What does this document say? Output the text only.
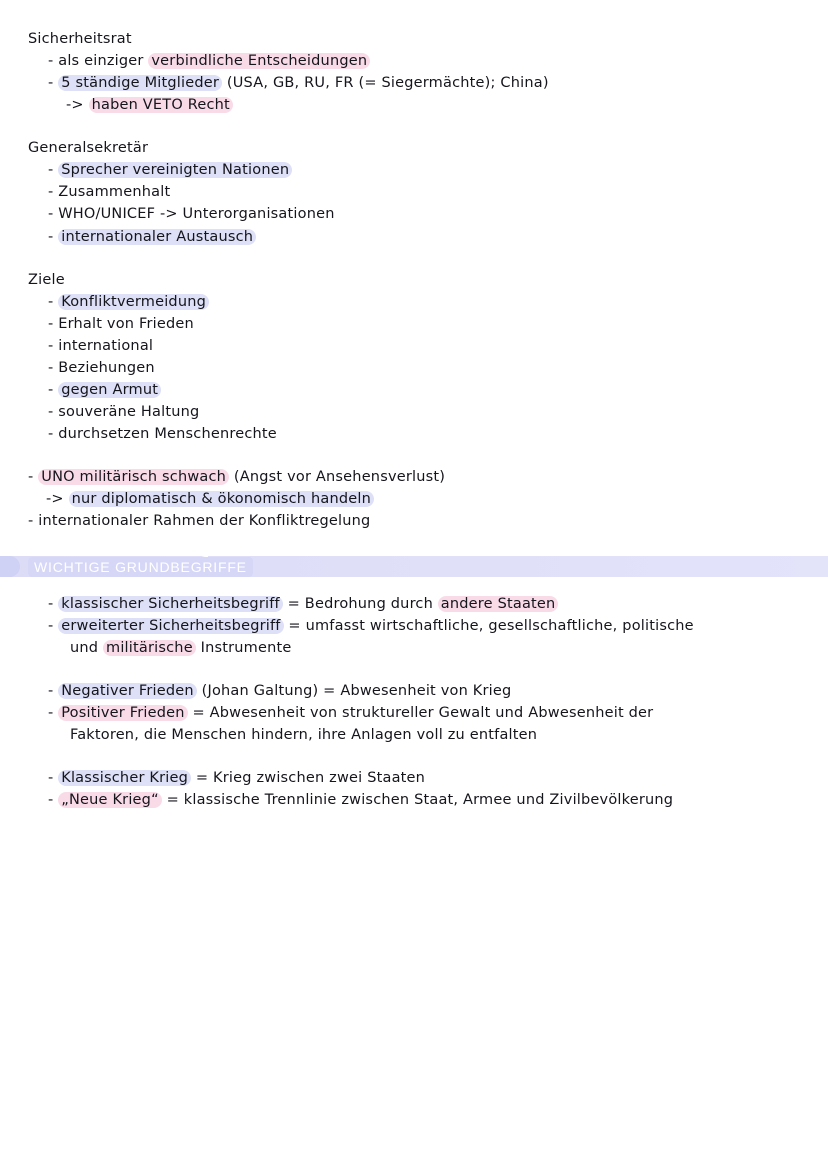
Sicherheitsrat
- als einziger verbindliche Entscheidungen
- 5 ständige Mitglieder (USA, GB, RU, FR (= Siegermächte); China)
-> haben VETO Recht
Generalsekretär
- Sprecher vereinigten Nationen
- Zusammenhalt
- WHO/UNICEF -> Unterorganisationen
- internationaler Austausch
Ziele
- Konfliktvermeidung
- Erhalt von Frieden
- international
- Beziehungen
- gegen Armut
- souveräne Haltung
- durchsetzen Menschenrechte
- UNO militärisch schwach (Angst vor Ansehensverlust)
-> nur diplomatisch & ökonomisch handeln
- internationaler Rahmen der Konfliktregelung
WICHTIGE GRUNDBEGRIFFE
- klassischer Sicherheitsbegriff = Bedrohung durch andere Staaten
- erweiterter Sicherheitsbegriff = umfasst wirtschaftliche, gesellschaftliche, politische
und militärische Instrumente
- Negativer Frieden (Johan Galtung) = Abwesenheit von Krieg
- Positiver Frieden = Abwesenheit von struktureller Gewalt und Abwesenheit der
Faktoren, die Menschen hindern, ihre Anlagen voll zu entfalten
- Klassischer Krieg = Krieg zwischen zwei Staaten
- „Neue Krieg“ = klassische Trennlinie zwischen Staat, Armee und Zivilbevölkerung
